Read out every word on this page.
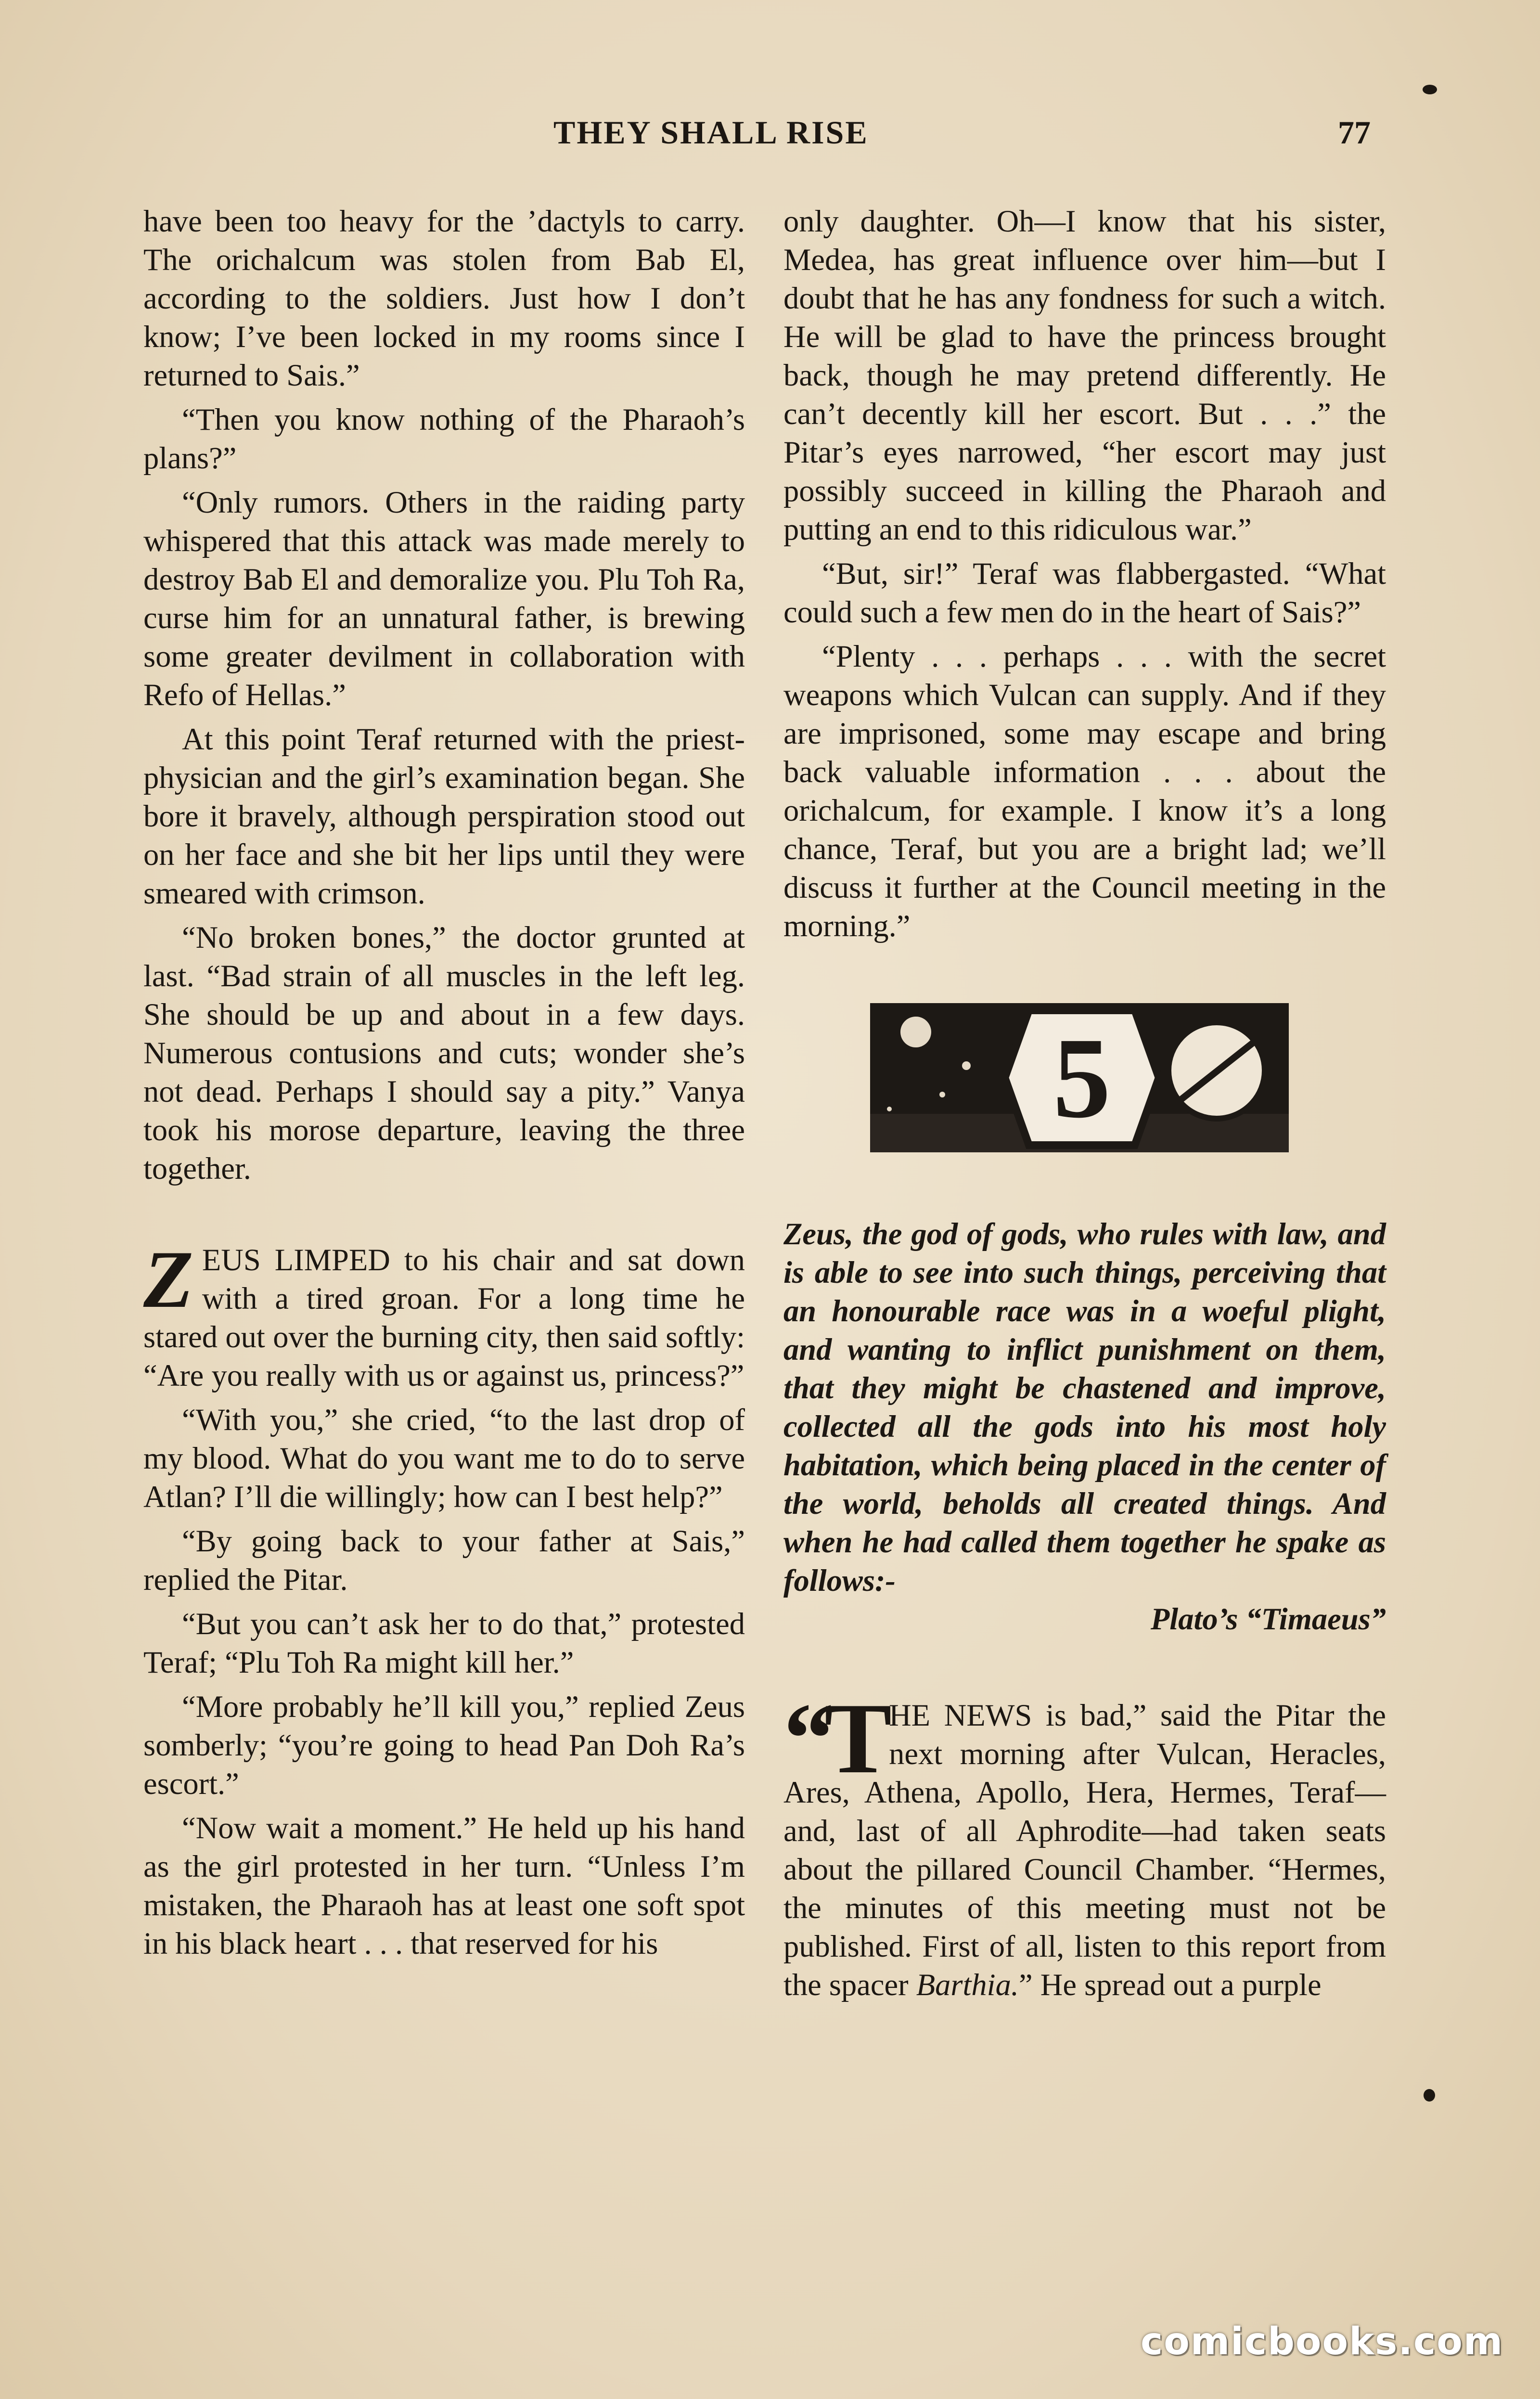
THEY SHALL RISE	77

have been too heavy for the ’dactyls to carry. The orichalcum was stolen from Bab El, according to the soldiers. Just how I don’t know; I’ve been locked in my rooms since I returned to Sais.”

“Then you know nothing of the Pharaoh’s plans?”

“Only rumors. Others in the raiding party whispered that this attack was made merely to destroy Bab El and demoralize you. Plu Toh Ra, curse him for an unnatural father, is brewing some greater devilment in collaboration with Refo of Hellas.”

At this point Teraf returned with the priest-physician and the girl’s examination began. She bore it bravely, although perspiration stood out on her face and she bit her lips until they were smeared with crimson.

“No broken bones,” the doctor grunted at last. “Bad strain of all muscles in the left leg. She should be up and about in a few days. Numerous contusions and cuts; wonder she’s not dead. Perhaps I should say a pity.” Vanya took his morose departure, leaving the three together.

ZEUS LIMPED to his chair and sat down with a tired groan. For a long time he stared out over the burning city, then said softly: “Are you really with us or against us, princess?”

“With you,” she cried, “to the last drop of my blood. What do you want me to do to serve Atlan? I’ll die willingly; how can I best help?”

“By going back to your father at Sais,” replied the Pitar.

“But you can’t ask her to do that,” protested Teraf; “Plu Toh Ra might kill her.”

“More probably he’ll kill you,” replied Zeus somberly; “you’re going to head Pan Doh Ra’s escort.”

“Now wait a moment.” He held up his hand as the girl protested in her turn. “Unless I’m mistaken, the Pharaoh has at least one soft spot in his black heart . . . that reserved for his

only daughter. Oh—I know that his sister, Medea, has great influence over him—but I doubt that he has any fondness for such a witch. He will be glad to have the princess brought back, though he may pretend differently. He can’t decently kill her escort. But . . .” the Pitar’s eyes narrowed, “her escort may just possibly succeed in killing the Pharaoh and putting an end to this ridiculous war.”

“But, sir!” Teraf was flabbergasted. “What could such a few men do in the heart of Sais?”

“Plenty . . . perhaps . . . with the secret weapons which Vulcan can supply. And if they are imprisoned, some may escape and bring back valuable information . . . about the orichalcum, for example. I know it’s a long chance, Teraf, but you are a bright lad; we’ll discuss it further at the Council meeting in the morning.”

5

Zeus, the god of gods, who rules with law, and is able to see into such things, perceiving that an honourable race was in a woeful plight, and wanting to inflict punishment on them, that they might be chastened and improve, collected all the gods into his most holy habitation, which being placed in the center of the world, beholds all created things. And when he had called them together he spake as follows:-

Plato’s “Timaeus”

“T HE NEWS is bad,” said the Pitar the next morning after Vulcan, Heracles, Ares, Athena, Apollo, Hera, Hermes, Teraf—and, last of all Aphrodite—had taken seats about the pillared Council Chamber. “Hermes, the minutes of this meeting must not be published. First of all, listen to this report from the spacer Barthia.” He spread out a purple

comicbooks.com
